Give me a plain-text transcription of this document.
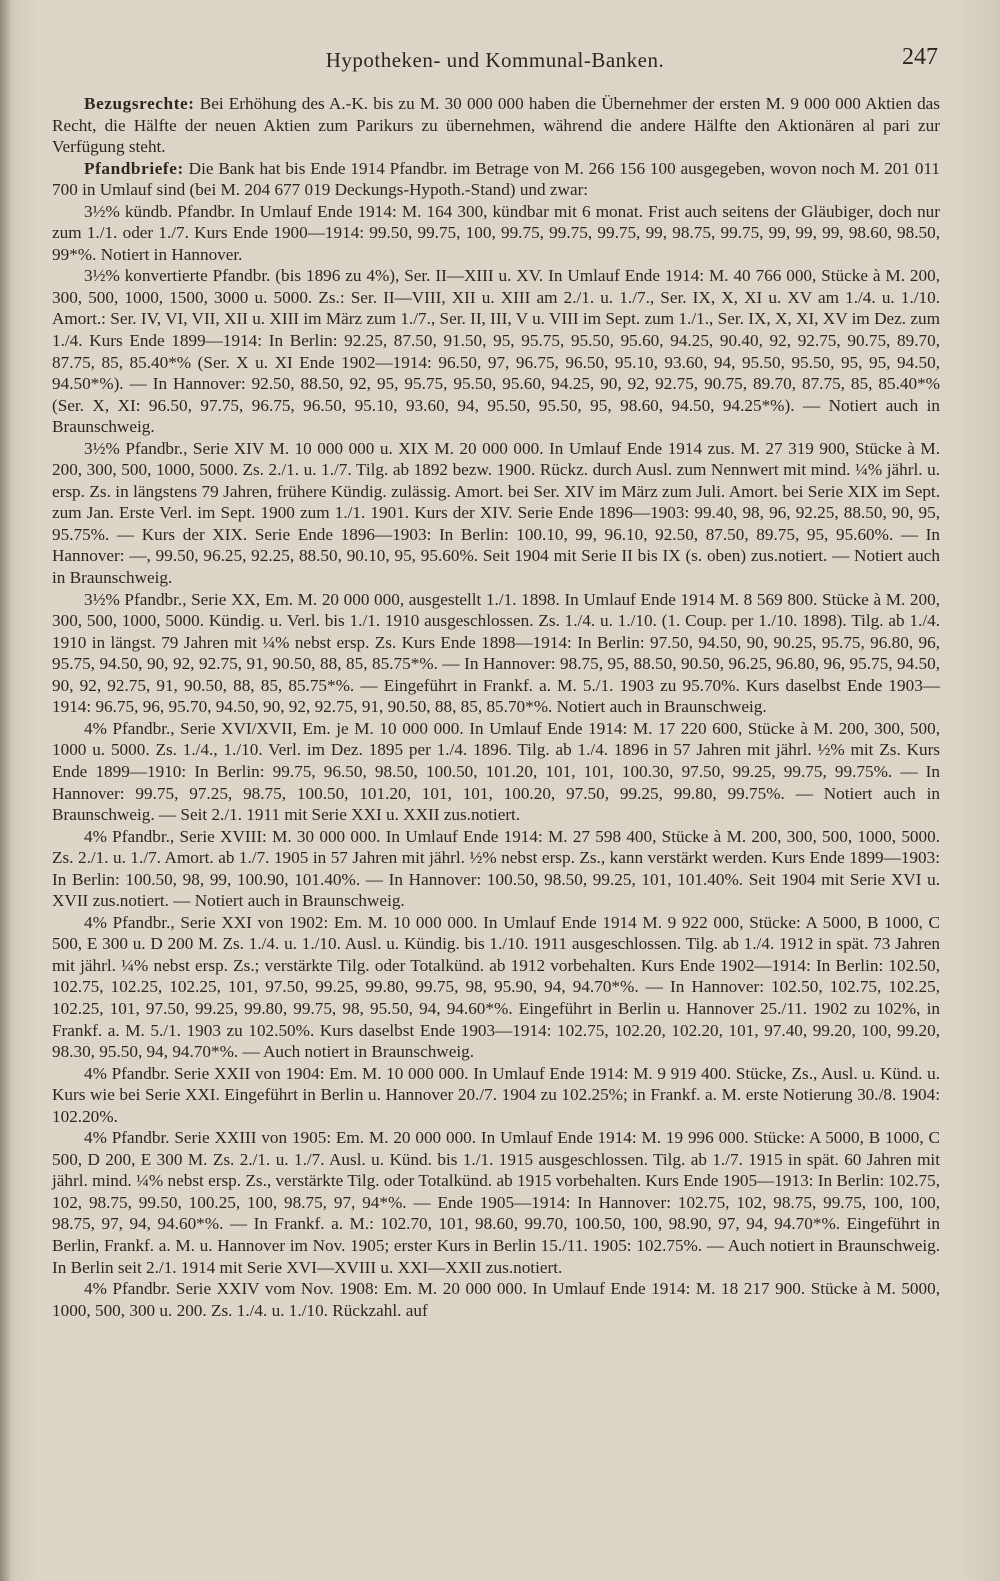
Hypotheken- und Kommunal-Banken.	247

Bezugsrechte: Bei Erhöhung des A.-K. bis zu M. 30 000 000 haben die Übernehmer der ersten M. 9 000 000 Aktien das Recht, die Hälfte der neuen Aktien zum Parikurs zu übernehmen, während die andere Hälfte den Aktionären al pari zur Verfügung steht.

Pfandbriefe: Die Bank hat bis Ende 1914 Pfandbr. im Betrage von M. 266 156 100 ausgegeben, wovon noch M. 201 011 700 in Umlauf sind (bei M. 204 677 019 Deckungs-Hypoth.-Stand) und zwar:

3½% kündb. Pfandbr. In Umlauf Ende 1914: M. 164 300, kündbar mit 6 monat. Frist auch seitens der Gläubiger, doch nur zum 1./1. oder 1./7. Kurs Ende 1900—1914: 99.50, 99.75, 100, 99.75, 99.75, 99.75, 99, 98.75, 99.75, 99, 99, 99, 98.60, 98.50, 99*%. Notiert in Hannover.

3½% konvertierte Pfandbr. (bis 1896 zu 4%), Ser. II—XIII u. XV. In Umlauf Ende 1914: M. 40 766 000, Stücke à M. 200, 300, 500, 1000, 1500, 3000 u. 5000. Zs.: Ser. II—VIII, XII u. XIII am 2./1. u. 1./7., Ser. IX, X, XI u. XV am 1./4. u. 1./10. Amort.: Ser. IV, VI, VII, XII u. XIII im März zum 1./7., Ser. II, III, V u. VIII im Sept. zum 1./1., Ser. IX, X, XI, XV im Dez. zum 1./4. Kurs Ende 1899—1914: In Berlin: 92.25, 87.50, 91.50, 95, 95.75, 95.50, 95.60, 94.25, 90.40, 92, 92.75, 90.75, 89.70, 87.75, 85, 85.40*% (Ser. X u. XI Ende 1902—1914: 96.50, 97, 96.75, 96.50, 95.10, 93.60, 94, 95.50, 95.50, 95, 95, 94.50, 94.50*%). — In Hannover: 92.50, 88.50, 92, 95, 95.75, 95.50, 95.60, 94.25, 90, 92, 92.75, 90.75, 89.70, 87.75, 85, 85.40*% (Ser. X, XI: 96.50, 97.75, 96.75, 96.50, 95.10, 93.60, 94, 95.50, 95.50, 95, 98.60, 94.50, 94.25*%). — Notiert auch in Braunschweig.

3½% Pfandbr., Serie XIV M. 10 000 000 u. XIX M. 20 000 000. In Umlauf Ende 1914 zus. M. 27 319 900, Stücke à M. 200, 300, 500, 1000, 5000. Zs. 2./1. u. 1./7. Tilg. ab 1892 bezw. 1900. Rückz. durch Ausl. zum Nennwert mit mind. ¼% jährl. u. ersp. Zs. in längstens 79 Jahren, frühere Kündig. zulässig. Amort. bei Ser. XIV im März zum Juli. Amort. bei Serie XIX im Sept. zum Jan. Erste Verl. im Sept. 1900 zum 1./1. 1901. Kurs der XIV. Serie Ende 1896—1903: 99.40, 98, 96, 92.25, 88.50, 90, 95, 95.75%. — Kurs der XIX. Serie Ende 1896—1903: In Berlin: 100.10, 99, 96.10, 92.50, 87.50, 89.75, 95, 95.60%. — In Hannover: —, 99.50, 96.25, 92.25, 88.50, 90.10, 95, 95.60%. Seit 1904 mit Serie II bis IX (s. oben) zus.notiert. — Notiert auch in Braunschweig.

3½% Pfandbr., Serie XX, Em. M. 20 000 000, ausgestellt 1./1. 1898. In Umlauf Ende 1914 M. 8 569 800. Stücke à M. 200, 300, 500, 1000, 5000. Kündig. u. Verl. bis 1./1. 1910 ausgeschlossen. Zs. 1./4. u. 1./10. (1. Coup. per 1./10. 1898). Tilg. ab 1./4. 1910 in längst. 79 Jahren mit ¼% nebst ersp. Zs. Kurs Ende 1898—1914: In Berlin: 97.50, 94.50, 90, 90.25, 95.75, 96.80, 96, 95.75, 94.50, 90, 92, 92.75, 91, 90.50, 88, 85, 85.75*%. — In Hannover: 98.75, 95, 88.50, 90.50, 96.25, 96.80, 96, 95.75, 94.50, 90, 92, 92.75, 91, 90.50, 88, 85, 85.75*%. — Eingeführt in Frankf. a. M. 5./1. 1903 zu 95.70%. Kurs daselbst Ende 1903—1914: 96.75, 96, 95.70, 94.50, 90, 92, 92.75, 91, 90.50, 88, 85, 85.70*%. Notiert auch in Braunschweig.

4% Pfandbr., Serie XVI/XVII, Em. je M. 10 000 000. In Umlauf Ende 1914: M. 17 220 600, Stücke à M. 200, 300, 500, 1000 u. 5000. Zs. 1./4., 1./10. Verl. im Dez. 1895 per 1./4. 1896. Tilg. ab 1./4. 1896 in 57 Jahren mit jährl. ½% mit Zs. Kurs Ende 1899—1910: In Berlin: 99.75, 96.50, 98.50, 100.50, 101.20, 101, 101, 100.30, 97.50, 99.25, 99.75, 99.75%. — In Hannover: 99.75, 97.25, 98.75, 100.50, 101.20, 101, 101, 100.20, 97.50, 99.25, 99.80, 99.75%. — Notiert auch in Braunschweig. — Seit 2./1. 1911 mit Serie XXI u. XXII zus.notiert.

4% Pfandbr., Serie XVIII: M. 30 000 000. In Umlauf Ende 1914: M. 27 598 400, Stücke à M. 200, 300, 500, 1000, 5000. Zs. 2./1. u. 1./7. Amort. ab 1./7. 1905 in 57 Jahren mit jährl. ½% nebst ersp. Zs., kann verstärkt werden. Kurs Ende 1899—1903: In Berlin: 100.50, 98, 99, 100.90, 101.40%. — In Hannover: 100.50, 98.50, 99.25, 101, 101.40%. Seit 1904 mit Serie XVI u. XVII zus.notiert. — Notiert auch in Braunschweig.

4% Pfandbr., Serie XXI von 1902: Em. M. 10 000 000. In Umlauf Ende 1914 M. 9 922 000, Stücke: A 5000, B 1000, C 500, E 300 u. D 200 M. Zs. 1./4. u. 1./10. Ausl. u. Kündig. bis 1./10. 1911 ausgeschlossen. Tilg. ab 1./4. 1912 in spät. 73 Jahren mit jährl. ¼% nebst ersp. Zs.; verstärkte Tilg. oder Totalkünd. ab 1912 vorbehalten. Kurs Ende 1902—1914: In Berlin: 102.50, 102.75, 102.25, 102.25, 101, 97.50, 99.25, 99.80, 99.75, 98, 95.90, 94, 94.70*%. — In Hannover: 102.50, 102.75, 102.25, 102.25, 101, 97.50, 99.25, 99.80, 99.75, 98, 95.50, 94, 94.60*%. Eingeführt in Berlin u. Hannover 25./11. 1902 zu 102%, in Frankf. a. M. 5./1. 1903 zu 102.50%. Kurs daselbst Ende 1903—1914: 102.75, 102.20, 102.20, 101, 97.40, 99.20, 100, 99.20, 98.30, 95.50, 94, 94.70*%. — Auch notiert in Braunschweig.

4% Pfandbr. Serie XXII von 1904: Em. M. 10 000 000. In Umlauf Ende 1914: M. 9 919 400. Stücke, Zs., Ausl. u. Künd. u. Kurs wie bei Serie XXI. Eingeführt in Berlin u. Hannover 20./7. 1904 zu 102.25%; in Frankf. a. M. erste Notierung 30./8. 1904: 102.20%.

4% Pfandbr. Serie XXIII von 1905: Em. M. 20 000 000. In Umlauf Ende 1914: M. 19 996 000. Stücke: A 5000, B 1000, C 500, D 200, E 300 M. Zs. 2./1. u. 1./7. Ausl. u. Künd. bis 1./1. 1915 ausgeschlossen. Tilg. ab 1./7. 1915 in spät. 60 Jahren mit jährl. mind. ¼% nebst ersp. Zs., verstärkte Tilg. oder Totalkünd. ab 1915 vorbehalten. Kurs Ende 1905—1913: In Berlin: 102.75, 102, 98.75, 99.50, 100.25, 100, 98.75, 97, 94*%. — Ende 1905—1914: In Hannover: 102.75, 102, 98.75, 99.75, 100, 100, 98.75, 97, 94, 94.60*%. — In Frankf. a. M.: 102.70, 101, 98.60, 99.70, 100.50, 100, 98.90, 97, 94, 94.70*%. Eingeführt in Berlin, Frankf. a. M. u. Hannover im Nov. 1905; erster Kurs in Berlin 15./11. 1905: 102.75%. — Auch notiert in Braunschweig. In Berlin seit 2./1. 1914 mit Serie XVI—XVIII u. XXI—XXII zus.notiert.

4% Pfandbr. Serie XXIV vom Nov. 1908: Em. M. 20 000 000. In Umlauf Ende 1914: M. 18 217 900. Stücke à M. 5000, 1000, 500, 300 u. 200. Zs. 1./4. u. 1./10. Rückzahl. auf
